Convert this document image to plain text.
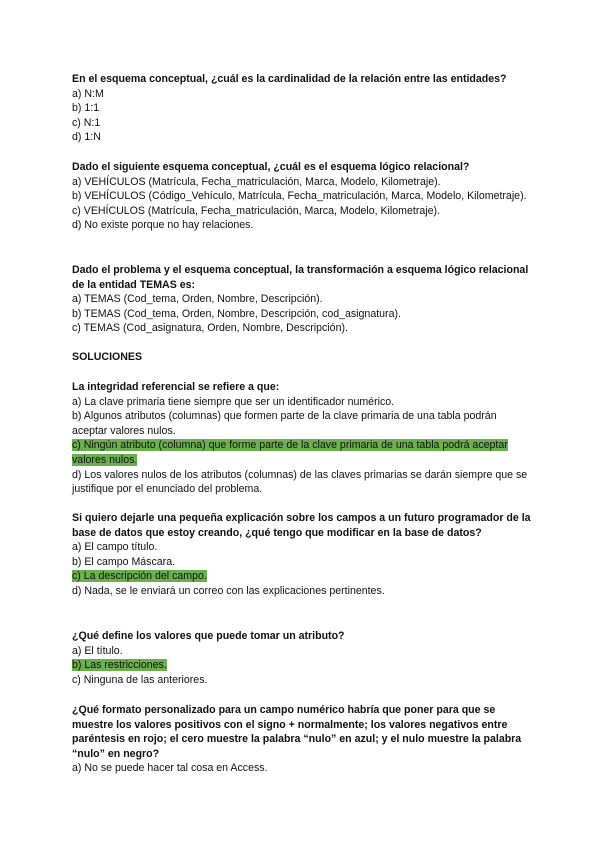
En el esquema conceptual, ¿cuál es la cardinalidad de la relación entre las entidades?

a) N:M

b) 1:1

c) N:1

d) 1:N

Dado el siguiente esquema conceptual, ¿cuál es el esquema lógico relacional?

a) VEHÍCULOS (Matrícula, Fecha_matriculación, Marca, Modelo, Kilometraje).

b) VEHÍCULOS (Código_Vehículo, Matrícula, Fecha_matriculación, Marca, Modelo, Kilometraje).

c) VEHÍCULOS (Matrícula, Fecha_matriculación, Marca, Modelo, Kilometraje).

d) No existe porque no hay relaciones.

Dado el problema y el esquema conceptual, la transformación a esquema lógico relacional de la entidad TEMAS es:

a) TEMAS (Cod_tema, Orden, Nombre, Descripción).

b) TEMAS (Cod_tema, Orden, Nombre, Descripción, cod_asignatura).

c) TEMAS (Cod_asignatura, Orden, Nombre, Descripción).

SOLUCIONES

La integridad referencial se refiere a que:

a) La clave primaria tiene siempre que ser un identificador numérico.

b) Algunos atributos (columnas) que formen parte de la clave primaria de una tabla podrán aceptar valores nulos.

c) Ningún atributo (columna) que forme parte de la clave primaria de una tabla podrá aceptar valores nulos.

d) Los valores nulos de los atributos (columnas) de las claves primarias se darán siempre que se justifique por el enunciado del problema.

Si quiero dejarle una pequeña explicación sobre los campos a un futuro programador de la base de datos que estoy creando, ¿qué tengo que modificar en la base de datos?

a) El campo título.

b) El campo Máscara.

c) La descripción del campo.

d) Nada, se le enviará un correo con las explicaciones pertinentes.

¿Qué define los valores que puede tomar un atributo?

a) El título.

b) Las restricciones.

c) Ninguna de las anteriores.

¿Qué formato personalizado para un campo numérico habría que poner para que se muestre los valores positivos con el signo + normalmente; los valores negativos entre paréntesis en rojo; el cero muestre la palabra “nulo” en azul; y el nulo muestre la palabra “nulo” en negro?

a) No se puede hacer tal cosa en Access.
